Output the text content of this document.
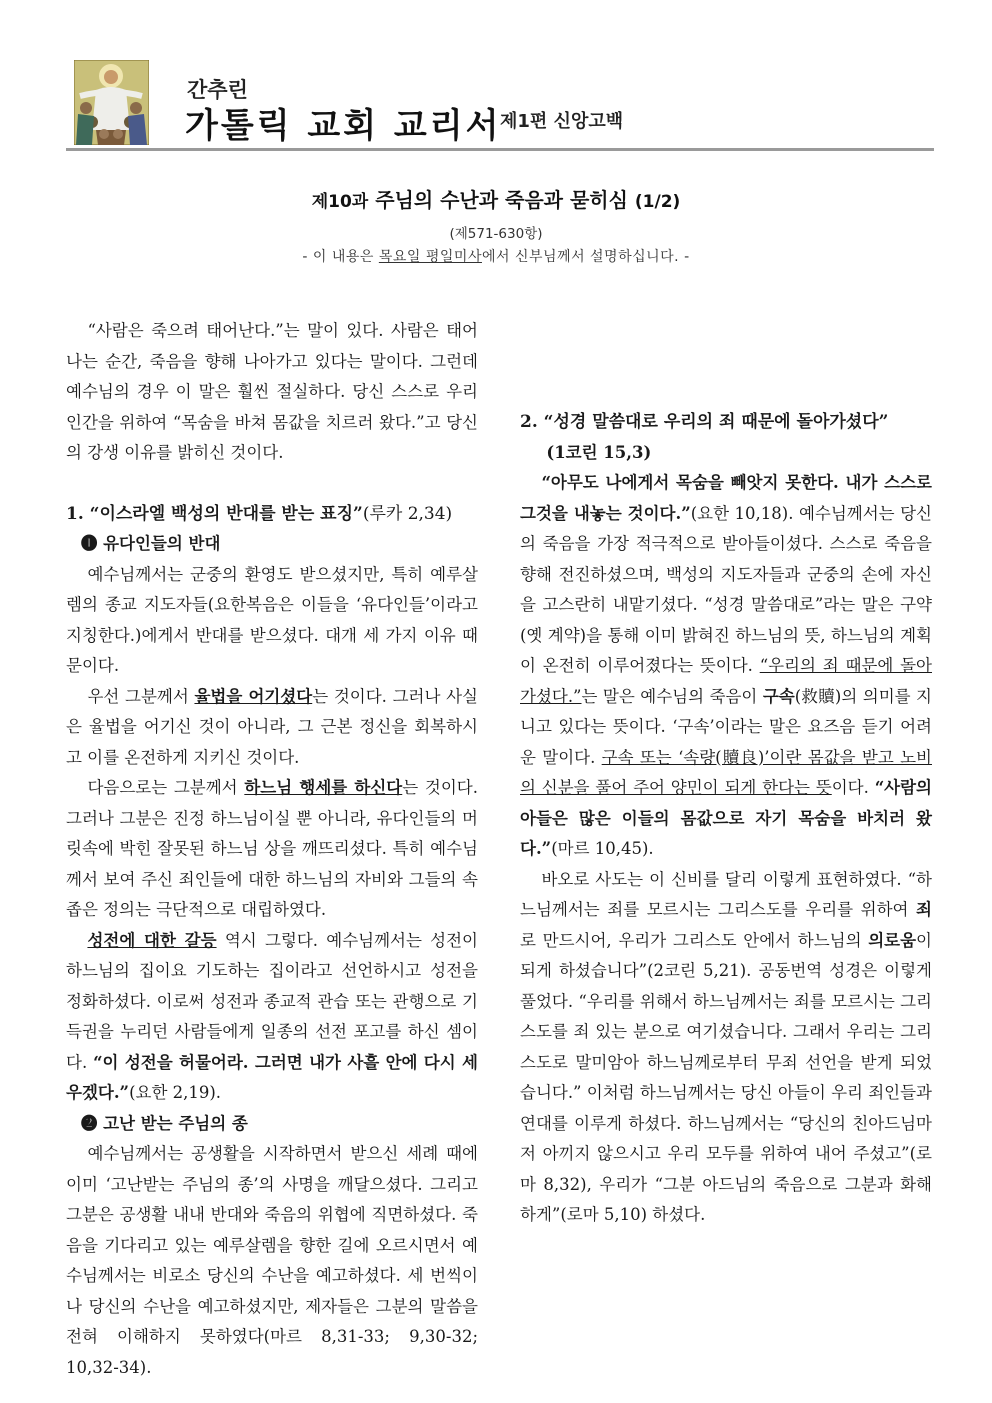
간추린
가톨릭 교회 교리서
제1편 신앙고백
제10과 주님의 수난과 죽음과 묻히심 (1/2)
(제571-630항)
- 이 내용은 목요일 평일미사에서 신부님께서 설명하십니다. -

“사람은 죽으려 태어난다.”는 말이 있다. 사람은 태어나는 순간, 죽음을 향해 나아가고 있다는 말이다. 그런데 예수님의 경우 이 말은 훨씬 절실하다. 당신 스스로 우리 인간을 위하여 “목숨을 바쳐 몸값을 치르러 왔다.”고 당신의 강생 이유를 밝히신 것이다.

1. “이스라엘 백성의 반대를 받는 표징”(루카 2,34)
❶ 유다인들의 반대

예수님께서는 군중의 환영도 받으셨지만, 특히 예루살렘의 종교 지도자들(요한복음은 이들을 ‘유다인들’이라고 지칭한다.)에게서 반대를 받으셨다. 대개 세 가지 이유 때문이다.

우선 그분께서 율법을 어기셨다는 것이다. 그러나 사실은 율법을 어기신 것이 아니라, 그 근본 정신을 회복하시고 이를 온전하게 지키신 것이다.

다음으로는 그분께서 하느님 행세를 하신다는 것이다. 그러나 그분은 진정 하느님이실 뿐 아니라, 유다인들의 머릿속에 박힌 잘못된 하느님 상을 깨뜨리셨다. 특히 예수님께서 보여 주신 죄인들에 대한 하느님의 자비와 그들의 속 좁은 정의는 극단적으로 대립하였다.

성전에 대한 갈등 역시 그렇다. 예수님께서는 성전이 하느님의 집이요 기도하는 집이라고 선언하시고 성전을 정화하셨다. 이로써 성전과 종교적 관습 또는 관행으로 기득권을 누리던 사람들에게 일종의 선전 포고를 하신 셈이다. “이 성전을 허물어라. 그러면 내가 사흘 안에 다시 세우겠다.”(요한 2,19).

❷ 고난 받는 주님의 종

예수님께서는 공생활을 시작하면서 받으신 세례 때에 이미 ‘고난받는 주님의 종’의 사명을 깨달으셨다. 그리고 그분은 공생활 내내 반대와 죽음의 위협에 직면하셨다. 죽음을 기다리고 있는 예루살렘을 향한 길에 오르시면서 예수님께서는 비로소 당신의 수난을 예고하셨다. 세 번씩이나 당신의 수난을 예고하셨지만, 제자들은 그분의 말씀을 전혀 이해하지 못하였다(마르 8,31-33; 9,30-32; 10,32-34).

2. “성경 말씀대로 우리의 죄 때문에 돌아가셨다”
(1코린 15,3)

“아무도 나에게서 목숨을 빼앗지 못한다. 내가 스스로 그것을 내놓는 것이다.”(요한 10,18). 예수님께서는 당신의 죽음을 가장 적극적으로 받아들이셨다. 스스로 죽음을 향해 전진하셨으며, 백성의 지도자들과 군중의 손에 자신을 고스란히 내맡기셨다. “성경 말씀대로”라는 말은 구약(옛 계약)을 통해 이미 밝혀진 하느님의 뜻, 하느님의 계획이 온전히 이루어졌다는 뜻이다. “우리의 죄 때문에 돌아가셨다.”는 말은 예수님의 죽음이 구속(救贖)의 의미를 지니고 있다는 뜻이다. ‘구속’이라는 말은 요즈음 듣기 어려운 말이다. 구속 또는 ‘속량(贖良)’이란 몸값을 받고 노비의 신분을 풀어 주어 양민이 되게 한다는 뜻이다. “사람의 아들은 많은 이들의 몸값으로 자기 목숨을 바치러 왔다.”(마르 10,45).

바오로 사도는 이 신비를 달리 이렇게 표현하였다. “하느님께서는 죄를 모르시는 그리스도를 우리를 위하여 죄로 만드시어, 우리가 그리스도 안에서 하느님의 의로움이 되게 하셨습니다”(2코린 5,21). 공동번역 성경은 이렇게 풀었다. “우리를 위해서 하느님께서는 죄를 모르시는 그리스도를 죄 있는 분으로 여기셨습니다. 그래서 우리는 그리스도로 말미암아 하느님께로부터 무죄 선언을 받게 되었습니다.” 이처럼 하느님께서는 당신 아들이 우리 죄인들과 연대를 이루게 하셨다. 하느님께서는 “당신의 친아드님마저 아끼지 않으시고 우리 모두를 위하여 내어 주셨고”(로마 8,32), 우리가 “그분 아드님의 죽음으로 그분과 화해하게”(로마 5,10) 하셨다.
